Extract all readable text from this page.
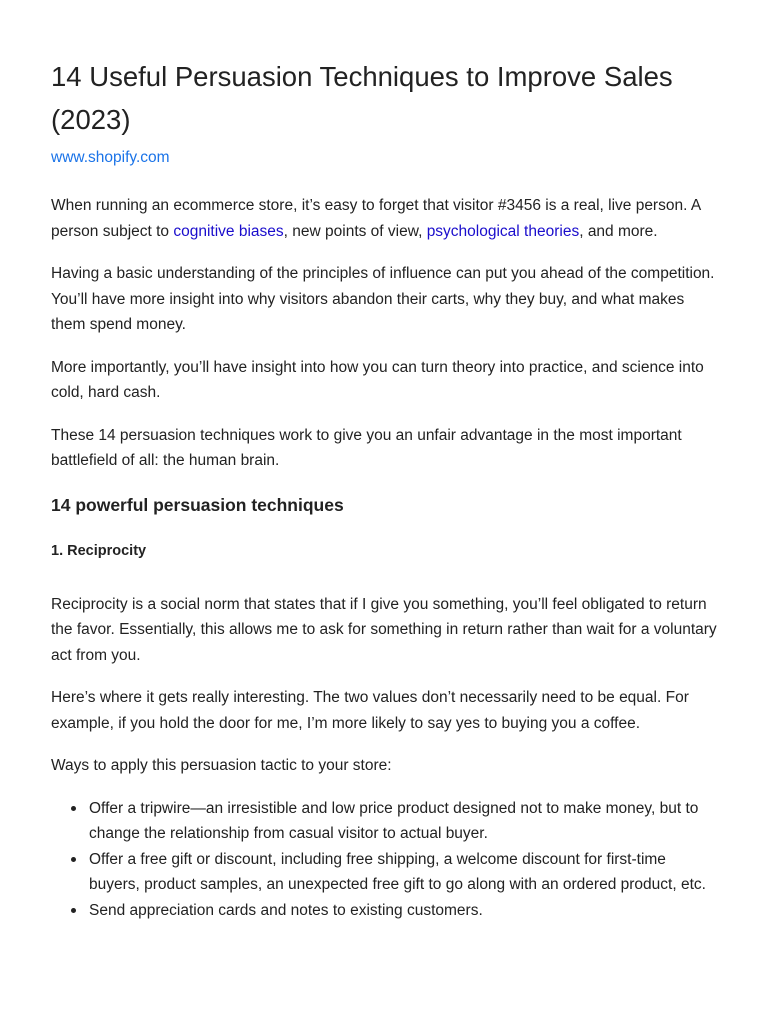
14 Useful Persuasion Techniques to Improve Sales (2023)
www.shopify.com

When running an ecommerce store, it’s easy to forget that visitor #3456 is a real, live person. A person subject to cognitive biases, new points of view, psychological theories, and more.

Having a basic understanding of the principles of influence can put you ahead of the competition. You’ll have more insight into why visitors abandon their carts, why they buy, and what makes them spend money.

More importantly, you’ll have insight into how you can turn theory into practice, and science into cold, hard cash.

These 14 persuasion techniques work to give you an unfair advantage in the most important battlefield of all: the human brain.

14 powerful persuasion techniques
1. Reciprocity

Reciprocity is a social norm that states that if I give you something, you’ll feel obligated to return the favor. Essentially, this allows me to ask for something in return rather than wait for a voluntary act from you.

Here’s where it gets really interesting. The two values don’t necessarily need to be equal. For example, if you hold the door for me, I’m more likely to say yes to buying you a coffee.

Ways to apply this persuasion tactic to your store:

Offer a tripwire—an irresistible and low price product designed not to make money, but to change the relationship from casual visitor to actual buyer.
Offer a free gift or discount, including free shipping, a welcome discount for first-time buyers, product samples, an unexpected free gift to go along with an ordered product, etc.
Send appreciation cards and notes to existing customers.
